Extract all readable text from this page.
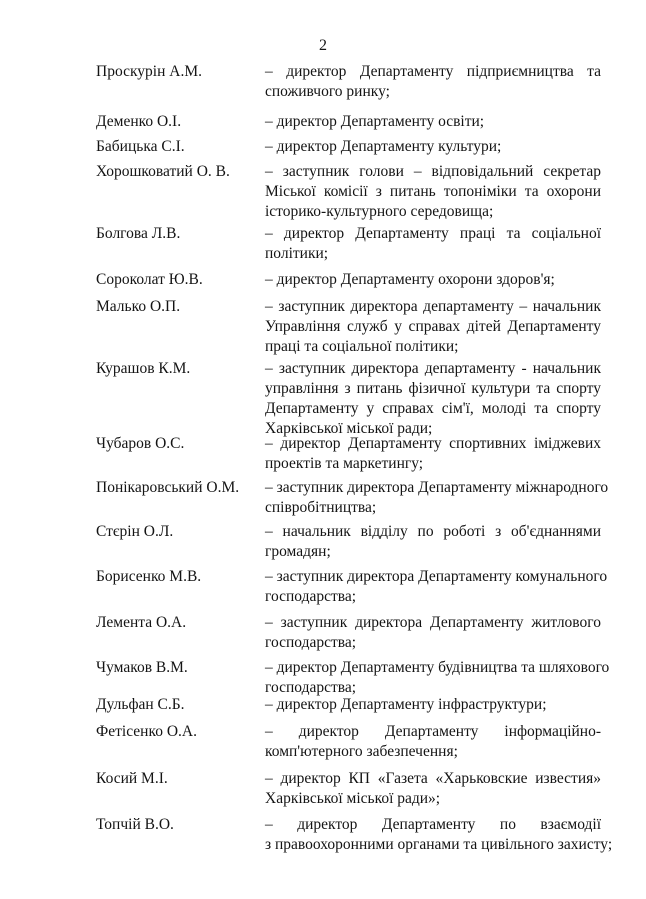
2
Проскурін А.М.	– директор Департаменту підприємництва та
споживчого ринку;
Деменко О.І.	– директор Департаменту освіти;
Бабицька С.І.	– директор Департаменту культури;
Хорошковатий О. В.	– заступник голови – відповідальний секретар
Міської комісії з питань топоніміки та охорони
історико-культурного середовища;
Болгова Л.В.	– директор Департаменту праці та соціальної
політики;
Сороколат Ю.В.	– директор Департаменту охорони здоров'я;
Малько О.П.	– заступник директора департаменту – начальник
Управління служб у справах дітей Департаменту
праці та соціальної політики;
Курашов К.М.	– заступник директора департаменту - начальник
управління з питань фізичної культури та спорту
Департаменту у справах сім'ї, молоді та спорту
Харківської міської ради;
Чубаров О.С.	– директор Департаменту спортивних іміджевих
проектів та маркетингу;
Понікаровський О.М.	– заступник директора Департаменту міжнародного
співробітництва;
Стєрін О.Л.	– начальник відділу по роботі з об'єднаннями
громадян;
Борисенко М.В.	– заступник директора Департаменту комунального
господарства;
Лемента О.А.	– заступник директора Департаменту житлового
господарства;
Чумаков В.М.	– директор Департаменту будівництва та шляхового
господарства;
Дульфан С.Б.	– директор Департаменту інфраструктури;
Фетісенко О.А.	– директор Департаменту інформаційно-
комп'ютерного забезпечення;
Косий М.І.	– директор КП «Газета «Харьковские известия»
Харківської міської ради»;
Топчій В.О.	– директор Департаменту по взаємодії
з правоохоронними органами та цивільного захисту;
